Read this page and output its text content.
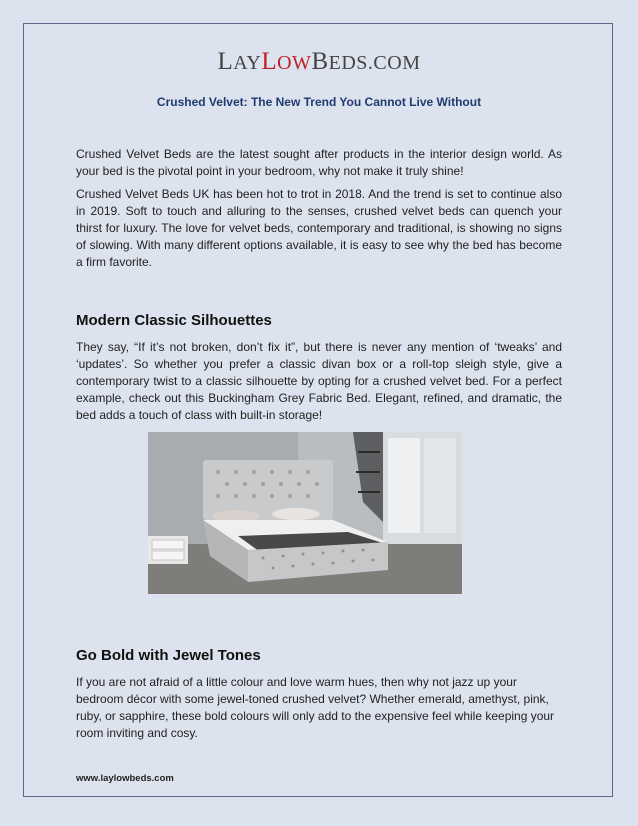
LAYLOWBEDS.COM
Crushed Velvet: The New Trend You Cannot Live Without

Crushed Velvet Beds are the latest sought after products in the interior design world. As your bed is the pivotal point in your bedroom, why not make it truly shine!

Crushed Velvet Beds UK has been hot to trot in 2018. And the trend is set to continue also in 2019. Soft to touch and alluring to the senses, crushed velvet beds can quench your thirst for luxury. The love for velvet beds, contemporary and traditional, is showing no signs of slowing. With many different options available, it is easy to see why the bed has become a firm favorite.

Modern Classic Silhouettes

They say, “If it’s not broken, don’t fix it”, but there is never any mention of ‘tweaks’ and ‘updates’. So whether you prefer a classic divan box or a roll-top sleigh style, give a contemporary twist to a classic silhouette by opting for a crushed velvet bed. For a perfect example, check out this Buckingham Grey Fabric Bed. Elegant, refined, and dramatic, the bed adds a touch of class with built-in storage!

Go Bold with Jewel Tones

If you are not afraid of a little colour and love warm hues, then why not jazz up your bedroom décor with some jewel-toned crushed velvet? Whether emerald, amethyst, pink, ruby, or sapphire, these bold colours will only add to the expensive feel while keeping your room inviting and cosy.

www.laylowbeds.com
